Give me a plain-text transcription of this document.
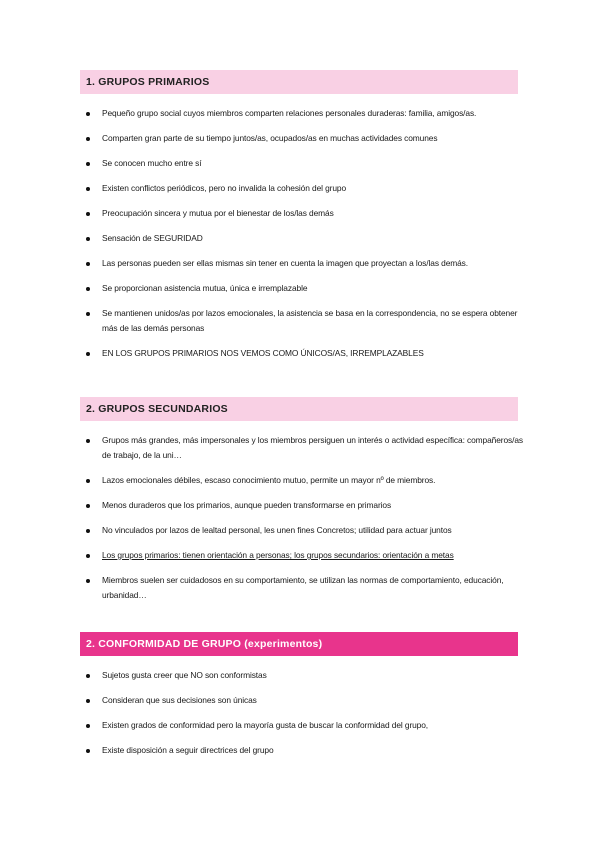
1. GRUPOS PRIMARIOS
Pequeño grupo social cuyos miembros comparten relaciones personales duraderas: familia, amigos/as.
Comparten gran parte de su tiempo juntos/as, ocupados/as en muchas actividades comunes
Se conocen mucho entre sí
Existen conflictos periódicos, pero no invalida la cohesión del grupo
Preocupación sincera y mutua por el bienestar de los/las demás
Sensación de SEGURIDAD
Las personas pueden ser ellas mismas sin tener en cuenta la imagen que proyectan a los/las demás.
Se proporcionan asistencia mutua, única e irremplazable
Se mantienen unidos/as por lazos emocionales, la asistencia se basa en la correspondencia, no se espera obtener más de las demás personas
EN LOS GRUPOS PRIMARIOS NOS VEMOS COMO ÚNICOS/AS, IRREMPLAZABLES
2. GRUPOS SECUNDARIOS
Grupos más grandes, más impersonales y los miembros persiguen un interés o actividad específica: compañeros/as de trabajo, de la uni…
Lazos emocionales débiles, escaso conocimiento mutuo, permite un mayor nº de miembros.
Menos duraderos que los primarios, aunque pueden transformarse en primarios
No vinculados por lazos de lealtad personal, les unen fines Concretos; utilidad para actuar juntos
Los grupos primarios: tienen orientación a personas; los grupos secundarios: orientación a metas
Miembros suelen ser cuidadosos en su comportamiento, se utilizan las normas de comportamiento, educación, urbanidad…
2. CONFORMIDAD DE GRUPO (experimentos)
Sujetos gusta creer que NO son conformistas
Consideran que sus decisiones son únicas
Existen grados de conformidad pero la mayoría gusta de buscar la conformidad del grupo,
Existe disposición a seguir directrices del grupo
